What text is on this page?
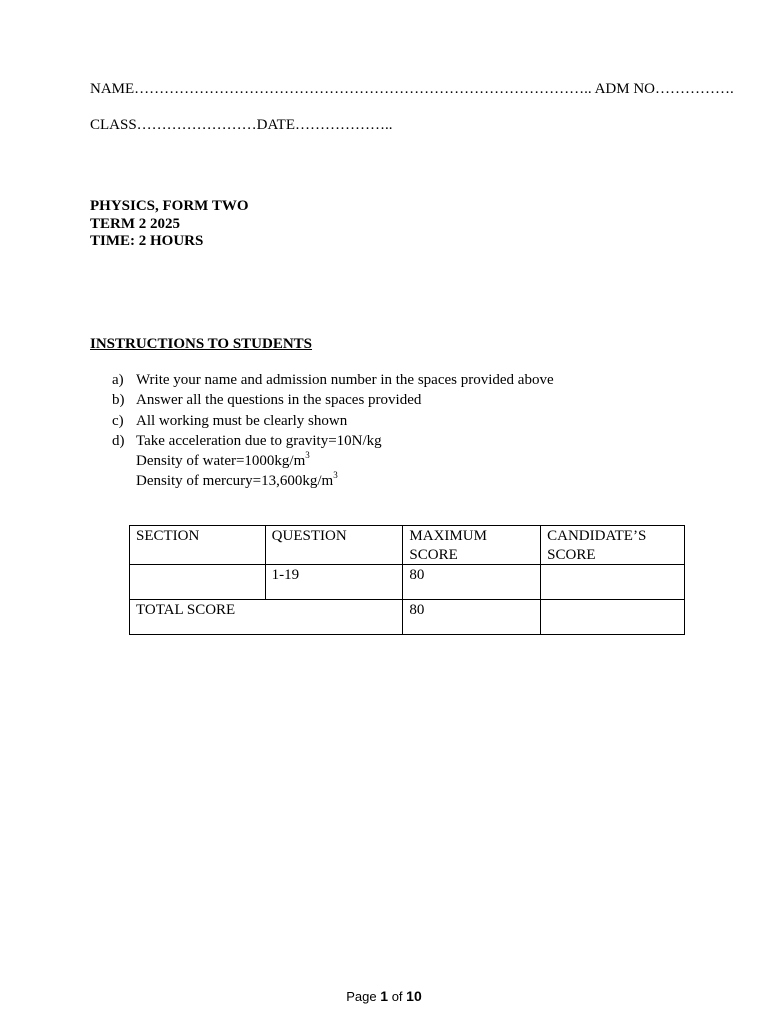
NAME……………………………………………………………………………….. ADM NO…………….
CLASS……………………DATE………………..
PHYSICS, FORM TWO
TERM 2 2025
TIME: 2 HOURS
INSTRUCTIONS TO STUDENTS
a) Write your name and admission number in the spaces provided above
b) Answer all the questions in the spaces provided
c) All working must be clearly shown
d) Take acceleration due to gravity=10N/kg
Density of $water=1000kg/m^3$
Density of $mercury=13,600kg/m^3$
SECTION	QUESTION	MAXIMUM SCORE	CANDIDATE’S SCORE
	1-19	80	
TOTAL SCORE		80	
Page 1 of 10
